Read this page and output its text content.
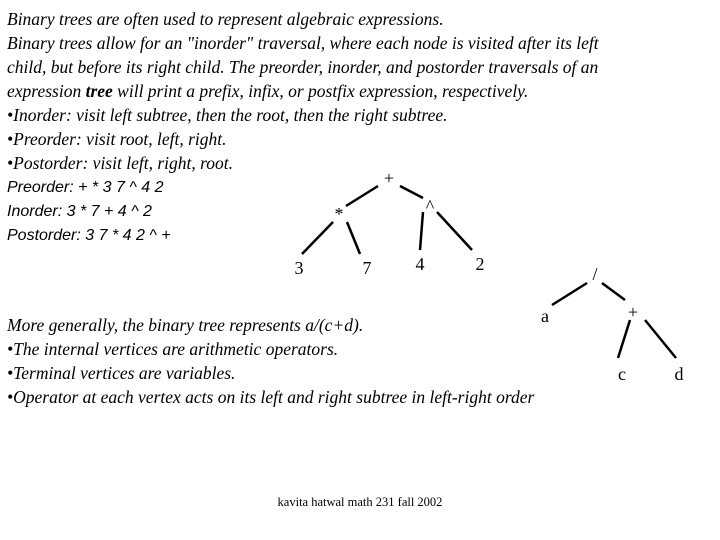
Binary trees are often used to represent algebraic expressions.
Binary trees allow for an "inorder" traversal, where each node is visited after its left
child, but before its right child. The preorder, inorder, and postorder traversals of an
expression tree will print a prefix, infix, or postfix expression, respectively.
•Inorder: visit left subtree, then the root, then the right subtree.
•Preorder: visit root, left, right.
•Postorder: visit left, right, root.
Preorder: + * 3 7 ^ 4 2
Inorder: 3 * 7 + 4 ^ 2
Postorder: 3 7 * 4 2 ^ +
+
*	^
3	7 4	2	/
a	+
c	d
More generally, the binary tree represents a/(c+d).
•The internal vertices are arithmetic operators.
•Terminal vertices are variables.
•Operator at each vertex acts on its left and right subtree in left-right order
kavita hatwal math 231 fall 2002
